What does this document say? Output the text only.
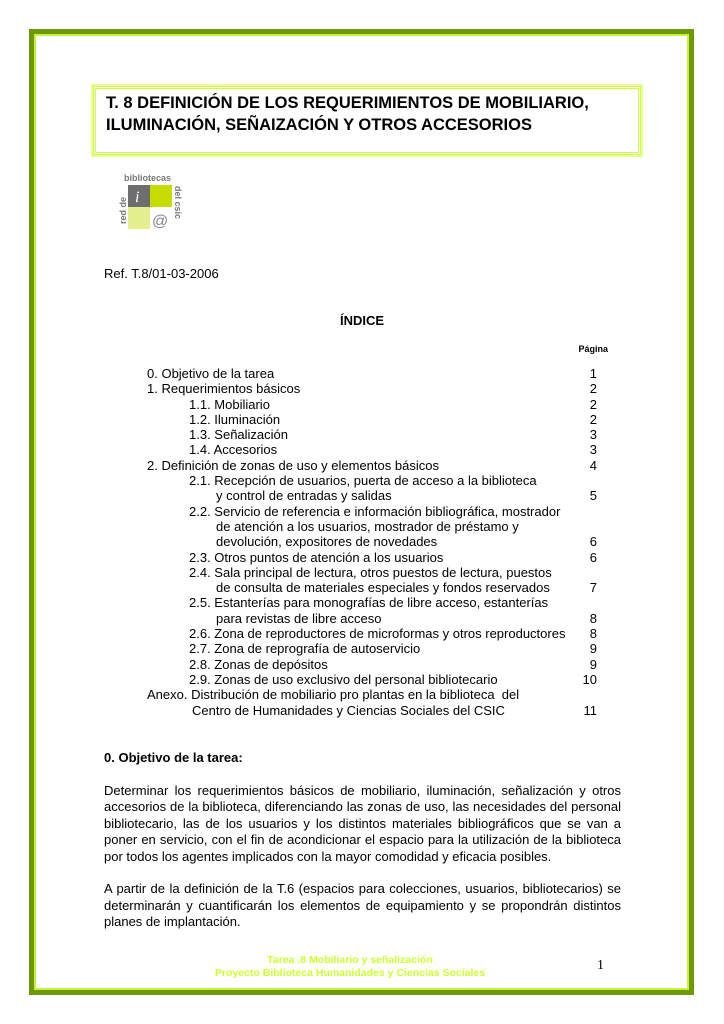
T. 8 DEFINICIÓN DE LOS REQUERIMIENTOS DE MOBILIARIO, ILUMINACIÓN, SEÑAIZACIÓN Y OTROS ACCESORIOS
bibliotecas
i
@
red de	del csic
Ref. T.8/01-03-2006
ÍNDICE
Página
0. Objetivo de la tarea	1
1. Requerimientos básicos	2
1.1. Mobiliario	2
1.2. Iluminación	2
1.3. Señalización	3
1.4. Accesorios	3
2. Definición de zonas de uso y elementos básicos	4
2.1. Recepción de usuarios, puerta de acceso a la biblioteca
y control de entradas y salidas	5
2.2. Servicio de referencia e información bibliográfica, mostrador
de atención a los usuarios, mostrador de préstamo y
devolución, expositores de novedades	6
2.3. Otros puntos de atención a los usuarios	6
2.4. Sala principal de lectura, otros puestos de lectura, puestos
de consulta de materiales especiales y fondos reservados	7
2.5. Estanterías para monografías de libre acceso, estanterías
para revistas de libre acceso	8
2.6. Zona de reproductores de microformas y otros reproductores 8
2.7. Zona de reprografía de autoservicio	9
2.8. Zonas de depósitos	9
2.9. Zonas de uso exclusivo del personal bibliotecario	10
Anexo. Distribución de mobiliario pro plantas en la biblioteca  del
Centro de Humanidades y Ciencias Sociales del CSIC	11
0. Objetivo de la tarea:

Determinar los requerimientos básicos de mobiliario, iluminación, señalización y otros accesorios de la biblioteca, diferenciando las zonas de uso, las necesidades del personal bibliotecario, las de los usuarios y los distintos materiales bibliográficos que se van a poner en servicio, con el fin de acondicionar el espacio para la utilización de la biblioteca por todos los agentes implicados con la mayor comodidad y eficacia posibles.

A partir de la definición de la T.6 (espacios para colecciones, usuarios, bibliotecarios) se determinarán y cuantificarán los elementos de equipamiento y se propondrán distintos planes de implantación.

Tarea .8 Mobiliario y señalización
Proyecto Biblioteca Humanidades y Ciencias Sociales	1
